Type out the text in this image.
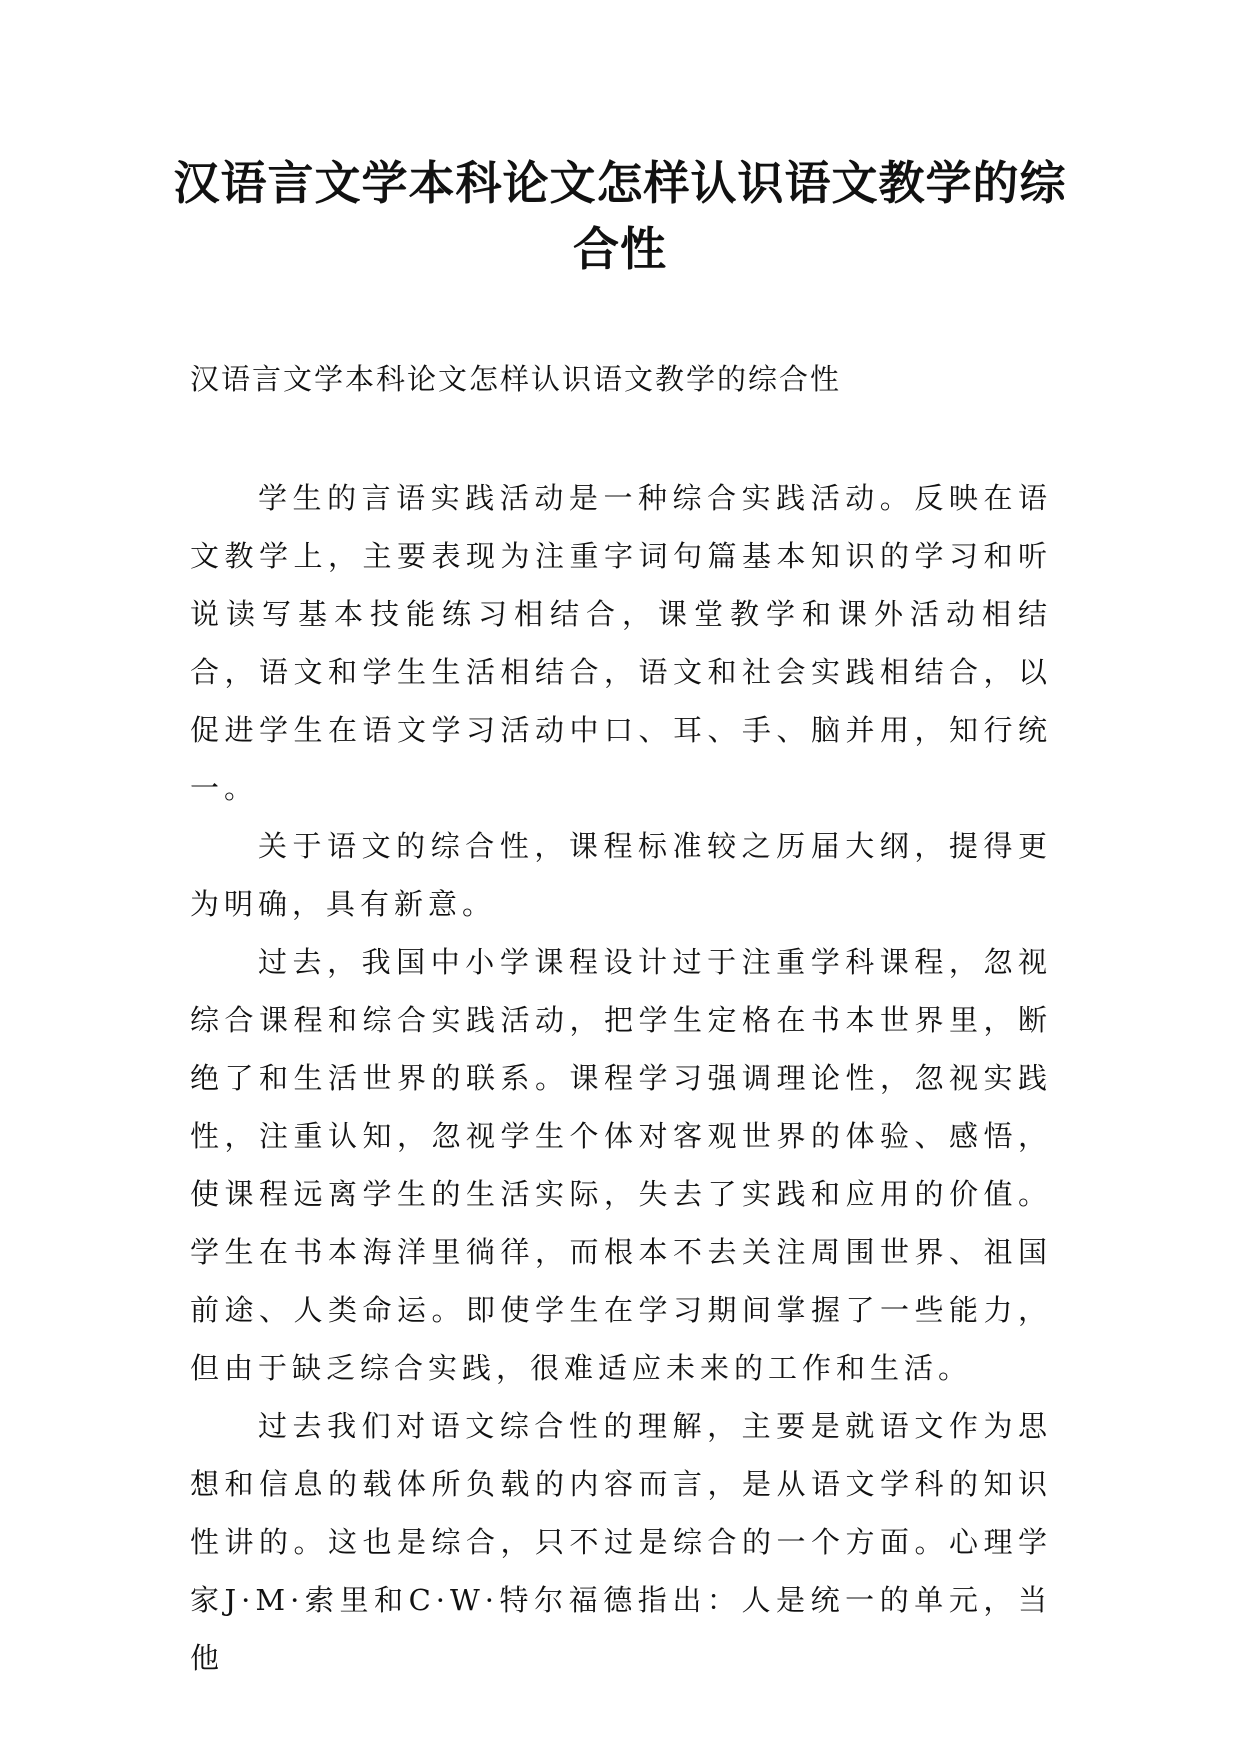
汉语言文学本科论文怎样认识语文教学的综合性

汉语言文学本科论文怎样认识语文教学的综合性

学生的言语实践活动是一种综合实践活动。反映在语文教学上，主要表现为注重字词句篇基本知识的学习和听说读写基本技能练习相结合，课堂教学和课外活动相结合，语文和学生生活相结合，语文和社会实践相结合，以促进学生在语文学习活动中口、耳、手、脑并用，知行统一。

关于语文的综合性，课程标准较之历届大纲，提得更为明确，具有新意。

过去，我国中小学课程设计过于注重学科课程，忽视综合课程和综合实践活动，把学生定格在书本世界里，断绝了和生活世界的联系。课程学习强调理论性，忽视实践性，注重认知，忽视学生个体对客观世界的体验、感悟，使课程远离学生的生活实际，失去了实践和应用的价值。学生在书本海洋里徜徉，而根本不去关注周围世界、祖国前途、人类命运。即使学生在学习期间掌握了一些能力，但由于缺乏综合实践，很难适应未来的工作和生活。

过去我们对语文综合性的理解，主要是就语文作为思想和信息的载体所负载的内容而言，是从语文学科的知识性讲的。这也是综合，只不过是综合的一个方面。心理学家J·M·索里和C·W·特尔福德指出：人是统一的单元，当他
